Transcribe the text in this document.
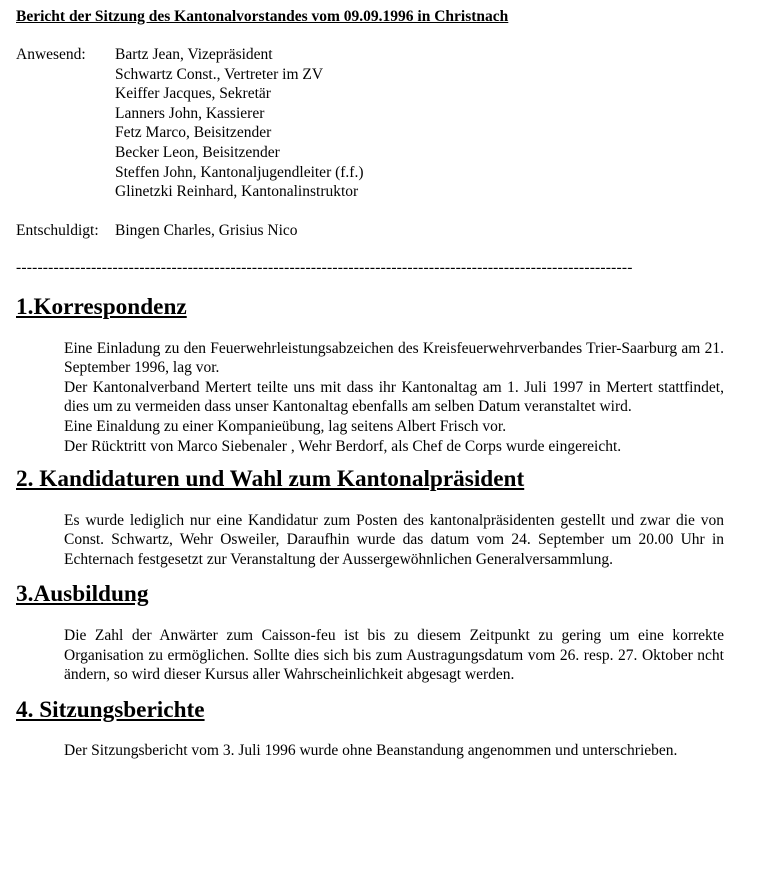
Bericht der Sitzung des Kantonalvorstandes vom 09.09.1996 in Christnach
Anwesend:	Bartz Jean, Vizepräsident
Schwartz Const., Vertreter im ZV
Keiffer Jacques, Sekretär
Lanners John, Kassierer
Fetz Marco, Beisitzender
Becker Leon, Beisitzender
Steffen John, Kantonaljugendleiter (f.f.)
Glinetzki Reinhard, Kantonalinstruktor
Entschuldigt:	Bingen Charles, Grisius Nico
-------------------------------------------------------------------------------------------------------------------
1.Korrespondenz

Eine Einladung zu den Feuerwehrleistungsabzeichen des Kreisfeuerwehrverbandes Trier-Saarburg am 21. September 1996, lag vor.

Der Kantonalverband Mertert teilte uns mit dass ihr Kantonaltag am 1. Juli 1997 in Mertert stattfindet, dies um zu vermeiden dass unser Kantonaltag ebenfalls am selben Datum veranstaltet wird.

Eine Einaldung zu einer Kompanieübung, lag seitens Albert Frisch vor.

Der Rücktritt von Marco Siebenaler , Wehr Berdorf, als Chef de Corps wurde eingereicht.

2. Kandidaturen und Wahl zum Kantonalpräsident

Es wurde lediglich nur eine Kandidatur zum Posten des kantonalpräsidenten gestellt und zwar die von Const. Schwartz, Wehr Osweiler, Daraufhin wurde das datum vom 24. September um 20.00 Uhr in Echternach festgesetzt zur Veranstaltung der Aussergewöhnlichen Generalversammlung.

3.Ausbildung

Die Zahl der Anwärter zum Caisson-feu ist bis zu diesem Zeitpunkt zu gering um eine korrekte Organisation zu ermöglichen. Sollte dies sich bis zum Austragungsdatum vom 26. resp. 27. Oktober ncht ändern, so wird dieser Kursus aller Wahrscheinlichkeit abgesagt werden.

4. Sitzungsberichte

Der Sitzungsbericht vom 3. Juli 1996 wurde ohne Beanstandung angenommen und unterschrieben.
